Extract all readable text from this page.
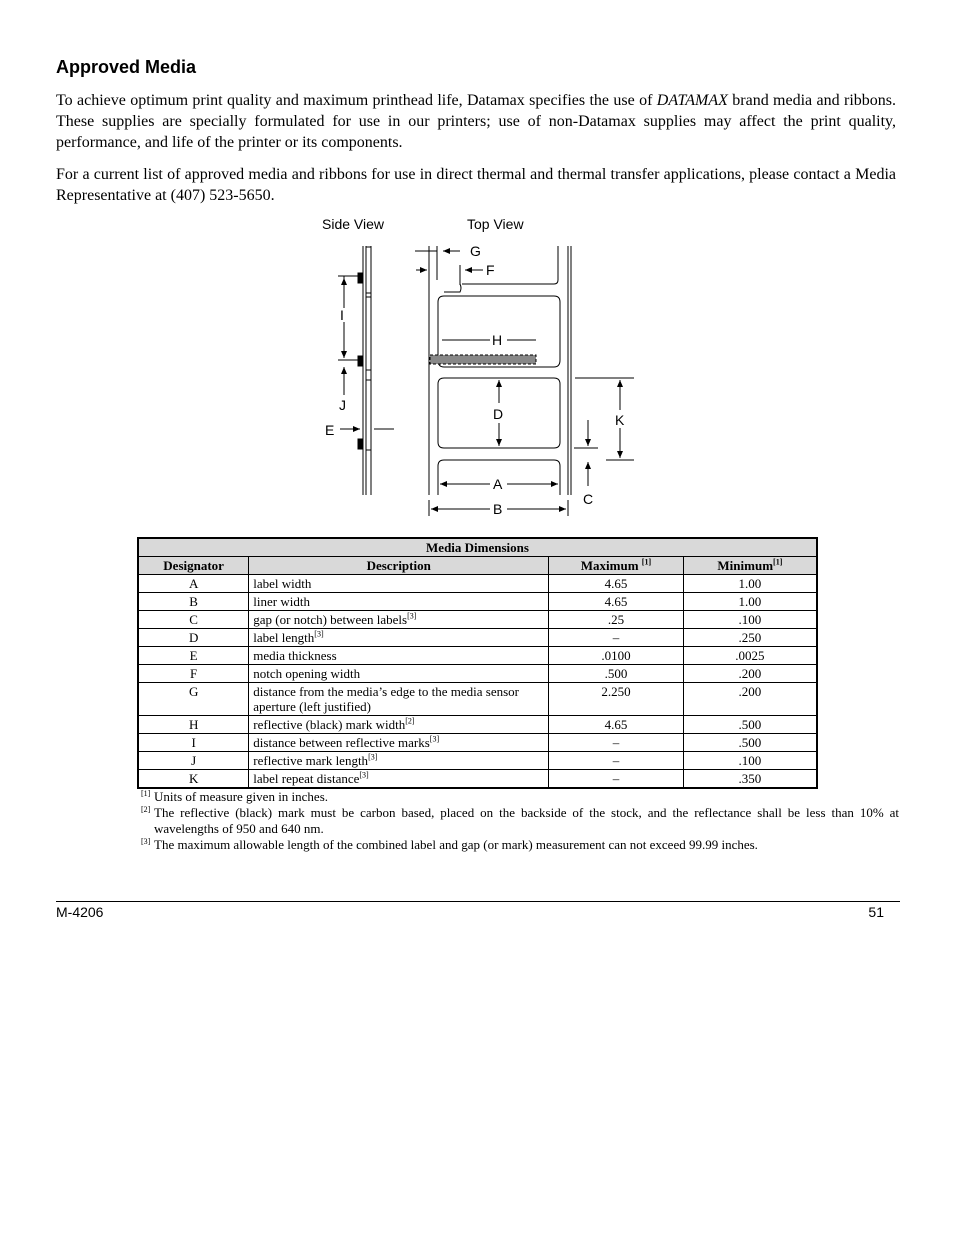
Approved Media
To achieve optimum print quality and maximum printhead life, Datamax specifies the use of DATAMAX brand media and ribbons. These supplies are specially formulated for use in our printers; use of non-Datamax supplies may affect the print quality, performance, and life of the printer or its components.
For a current list of approved media and ribbons for use in direct thermal and thermal transfer applications, please contact a Media Representative at (407) 523-5650.
Side View	Top View
G
F
I
H
J
D	K
E
A
C
B
Media Dimensions			
Designator	Description	Maximum [1]	Minimum[1]
A	label width	4.65	1.00
B	liner width	4.65	1.00
C	gap (or notch) between labels[3]	.25	.100
D	label length[3]	–	.250
E	media thickness	.0100	.0025
F	notch opening width	.500	.200
G	distance from the media’s edge to the media sensor aperture (left justified)	2.250	.200
H	reflective (black) mark width[2]	4.65	.500
I	distance between reflective marks[3]	–	.500
J	reflective mark length[3]	–	.100
K	label repeat distance[3]	–	.350
[1] Units of measure given in inches.
[2] The reflective (black) mark must be carbon based, placed on the backside of the stock, and the reflectance shall be less than 10% at wavelengths of 950 and 640 nm.
[3] The maximum allowable length of the combined label and gap (or mark) measurement can not exceed 99.99 inches.
M-4206	51
